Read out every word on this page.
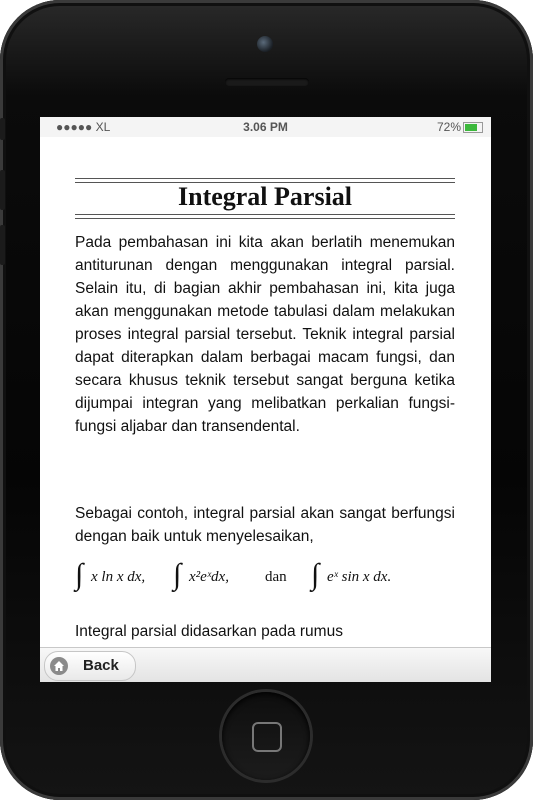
●●●●● XL	3.06 PM	72%
Integral Parsial

Pada pembahasan ini kita akan berlatih menemukan antiturunan dengan menggunakan integral parsial. Selain itu, di bagian akhir pembahasan ini, kita juga akan menggunakan metode tabulasi dalam melakukan proses integral parsial tersebut. Teknik integral parsial dapat diterapkan dalam berbagai macam fungsi, dan secara khusus teknik tersebut sangat berguna ketika dijumpai integran yang melibatkan perkalian fungsi-fungsi aljabar dan transendental.

Sebagai contoh, integral parsial akan sangat berfungsi dengan baik untuk menyelesaikan,

∫ x ln x dx, ∫ x²eˣdx, dan ∫ eˣ sin x dx.

Integral parsial didasarkan pada rumus

Back
